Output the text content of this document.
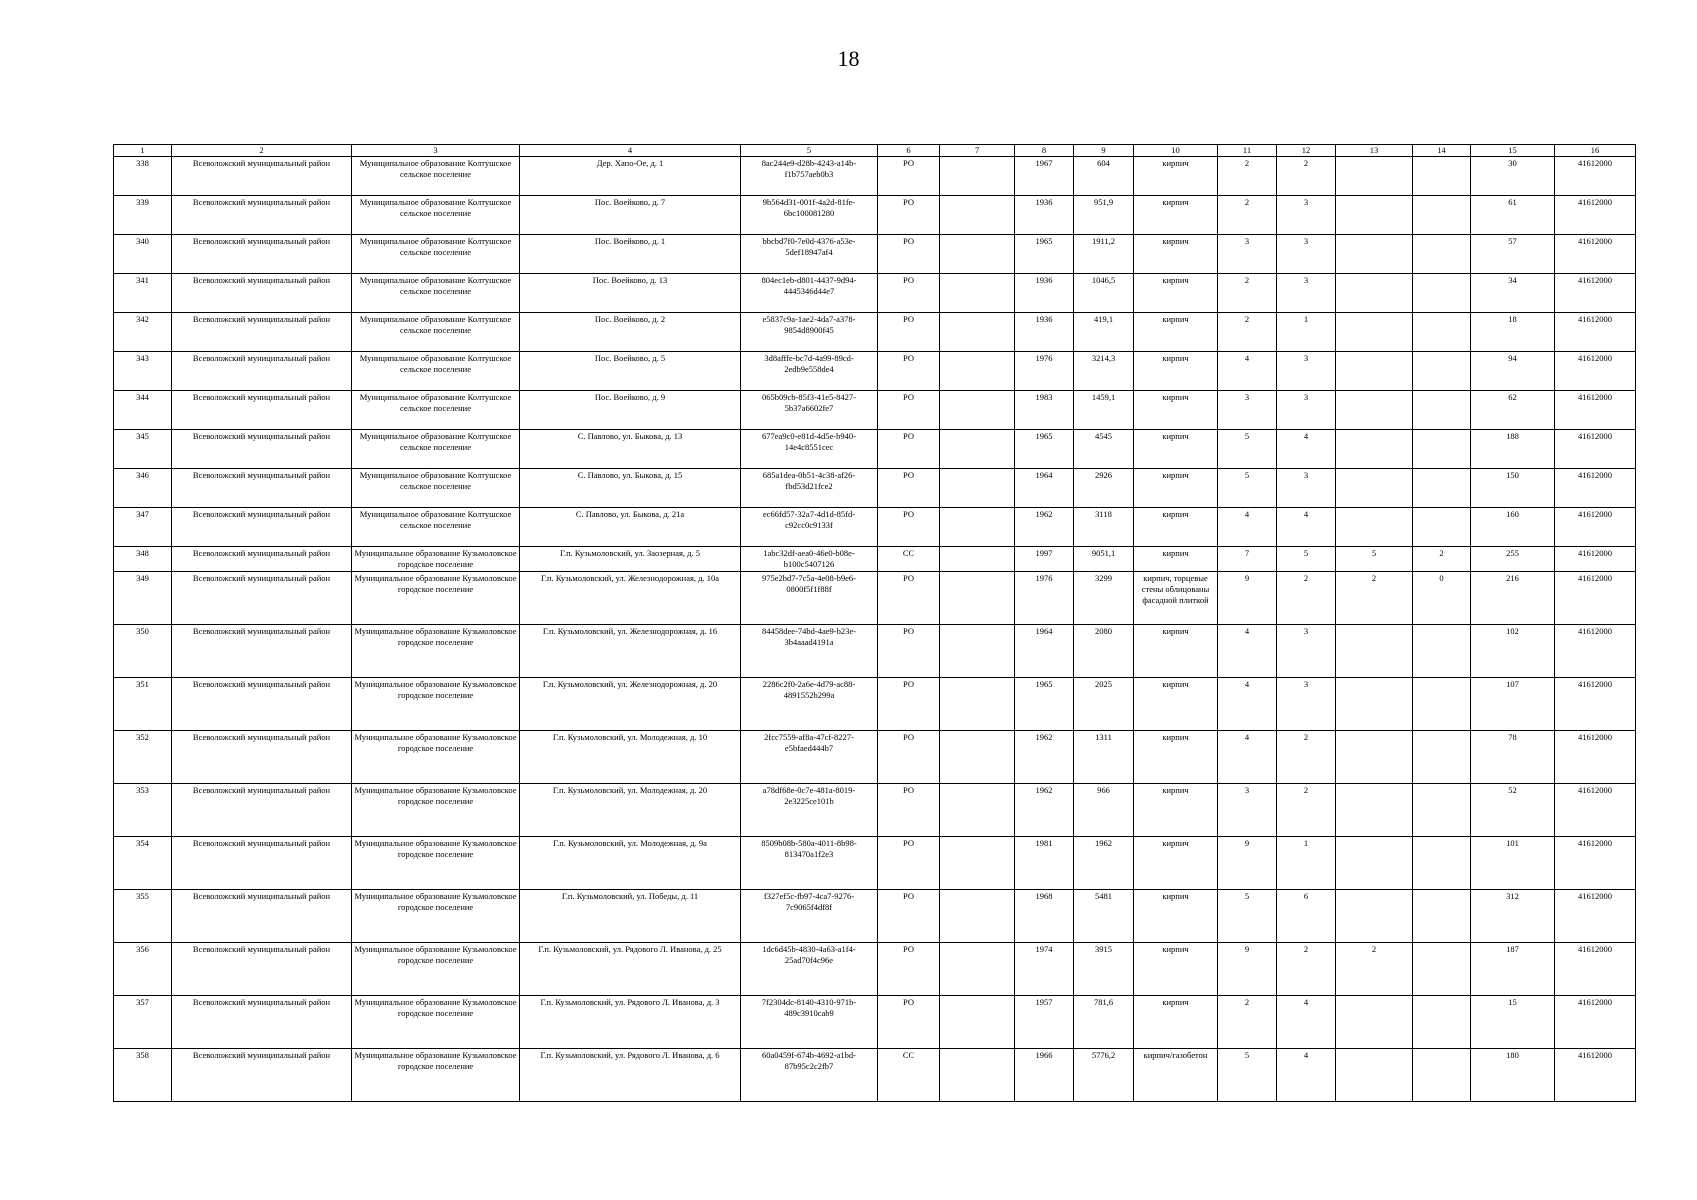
18
1	2	3	4	5	6	7	8	9	10	11	12	13	14	15	16
338	Всеволожский муниципальный район	Муниципальное образование Колтушское сельское поселение	Дер. Хапо-Ое, д. 1	8ac244e9-d28b-4243-a14b-f1b757aeb0b3	РО		1967	604	кирпич	2	2			30	41612000
339	Всеволожский муниципальный район	Муниципальное образование Колтушское сельское поселение	Пос. Воейково, д. 7	9b564d31-001f-4a2d-81fe-6bc100081280	РО		1936	951,9	кирпич	2	3			61	41612000
340	Всеволожский муниципальный район	Муниципальное образование Колтушское сельское поселение	Пос. Воейково, д. 1	bbcbd7f0-7e0d-4376-a53e-5def18947af4	РО		1965	1911,2	кирпич	3	3			57	41612000
341	Всеволожский муниципальный район	Муниципальное образование Колтушское сельское поселение	Пос. Воейково, д. 13	804ec1eb-d801-4437-9d94-4445346d44e7	РО		1936	1046,5	кирпич	2	3			34	41612000
342	Всеволожский муниципальный район	Муниципальное образование Колтушское сельское поселение	Пос. Воейково, д. 2	e5837c9a-1ae2-4da7-a378-9854d8900f45	РО		1936	419,1	кирпич	2	1			18	41612000
343	Всеволожский муниципальный район	Муниципальное образование Колтушское сельское поселение	Пос. Воейково, д. 5	3d8afffe-bc7d-4a99-89cd-2edb9e558de4	РО		1976	3214,3	кирпич	4	3			94	41612000
344	Всеволожский муниципальный район	Муниципальное образование Колтушское сельское поселение	Пос. Воейково, д. 9	065b09cb-85f3-41e5-8427-5b37a6602fe7	РО		1983	1459,1	кирпич	3	3			62	41612000
345	Всеволожский муниципальный район	Муниципальное образование Колтушское сельское поселение	С. Павлово, ул. Быкова, д. 13	677ea9c0-e81d-4d5e-b940-14e4c8551cec	РО		1965	4545	кирпич	5	4			188	41612000
346	Всеволожский муниципальный район	Муниципальное образование Колтушское сельское поселение	С. Павлово, ул. Быкова, д. 15	685a1dea-0b51-4c38-af26-fbd53d21fce2	РО		1964	2926	кирпич	5	3			150	41612000
347	Всеволожский муниципальный район	Муниципальное образование Колтушское сельское поселение	С. Павлово, ул. Быкова, д. 21а	ec66fd57-32a7-4d1d-85fd-c92cc0c9133f	РО		1962	3118	кирпич	4	4			160	41612000
348	Всеволожский муниципальный район	Муниципальное образование Кузьмоловское городское поселение	Г.п. Кузьмоловский, ул. Заозерная, д. 5	1abc32df-aea0-46e0-b08e-b100c5407126	СС		1997	9051,1	кирпич	7	5	5	2	255	41612000
349	Всеволожский муниципальный район	Муниципальное образование Кузьмоловское городское поселение	Г.п. Кузьмоловский, ул. Железнодорожная, д. 10а	975e2bd7-7c5a-4e08-b9e6-0800f5f1f88f	РО		1976	3299	кирпич, торцевые стены облицованы фасадной плиткой	9	2	2	0	216	41612000
350	Всеволожский муниципальный район	Муниципальное образование Кузьмоловское городское поселение	Г.п. Кузьмоловский, ул. Железнодорожная, д. 16	84458dee-74bd-4ae9-b23e-3b4aaad4191a	РО		1964	2080	кирпич	4	3			102	41612000
351	Всеволожский муниципальный район	Муниципальное образование Кузьмоловское городское поселение	Г.п. Кузьмоловский, ул. Железнодорожная, д. 20	2286c2f0-2a6e-4d79-ac88-4891552b299a	РО		1965	2025	кирпич	4	3			107	41612000
352	Всеволожский муниципальный район	Муниципальное образование Кузьмоловское городское поселение	Г.п. Кузьмоловский, ул. Молодежная, д. 10	2fcc7559-af8a-47cf-8227-e5bfaed444b7	РО		1962	1311	кирпич	4	2			78	41612000
353	Всеволожский муниципальный район	Муниципальное образование Кузьмоловское городское поселение	Г.п. Кузьмоловский, ул. Молодежная, д. 20	a78df68e-0c7e-481a-8019-2e3225ce101b	РО		1962	966	кирпич	3	2			52	41612000
354	Всеволожский муниципальный район	Муниципальное образование Кузьмоловское городское поселение	Г.п. Кузьмоловский, ул. Молодежная, д. 9а	8509b08b-580a-4011-8b98-813470a1f2e3	РО		1981	1962	кирпич	9	1			101	41612000
355	Всеволожский муниципальный район	Муниципальное образование Кузьмоловское городское поселение	Г.п. Кузьмоловский, ул. Победы, д. 11	f327ef5c-fb97-4ca7-9276-7c9065f4df8f	РО		1968	5481	кирпич	5	6			312	41612000
356	Всеволожский муниципальный район	Муниципальное образование Кузьмоловское городское поселение	Г.п. Кузьмоловский, ул. Рядового Л. Иванова, д. 25	1dc6d45b-4830-4a63-a1f4-25ad70f4c96e	РО		1974	3915	кирпич	9	2	2		187	41612000
357	Всеволожский муниципальный район	Муниципальное образование Кузьмоловское городское поселение	Г.п. Кузьмоловский, ул. Рядового Л. Иванова, д. 3	7f2304dc-8140-4310-971b-489c3910cab9	РО		1957	781,6	кирпич	2	4			15	41612000
358	Всеволожский муниципальный район	Муниципальное образование Кузьмоловское городское поселение	Г.п. Кузьмоловский, ул. Рядового Л. Иванова, д. 6	60a0459f-674b-4692-a1bd-87b95c2c2fb7	СС		1966	5776,2	кирпич/газобетон	5	4			180	41612000
